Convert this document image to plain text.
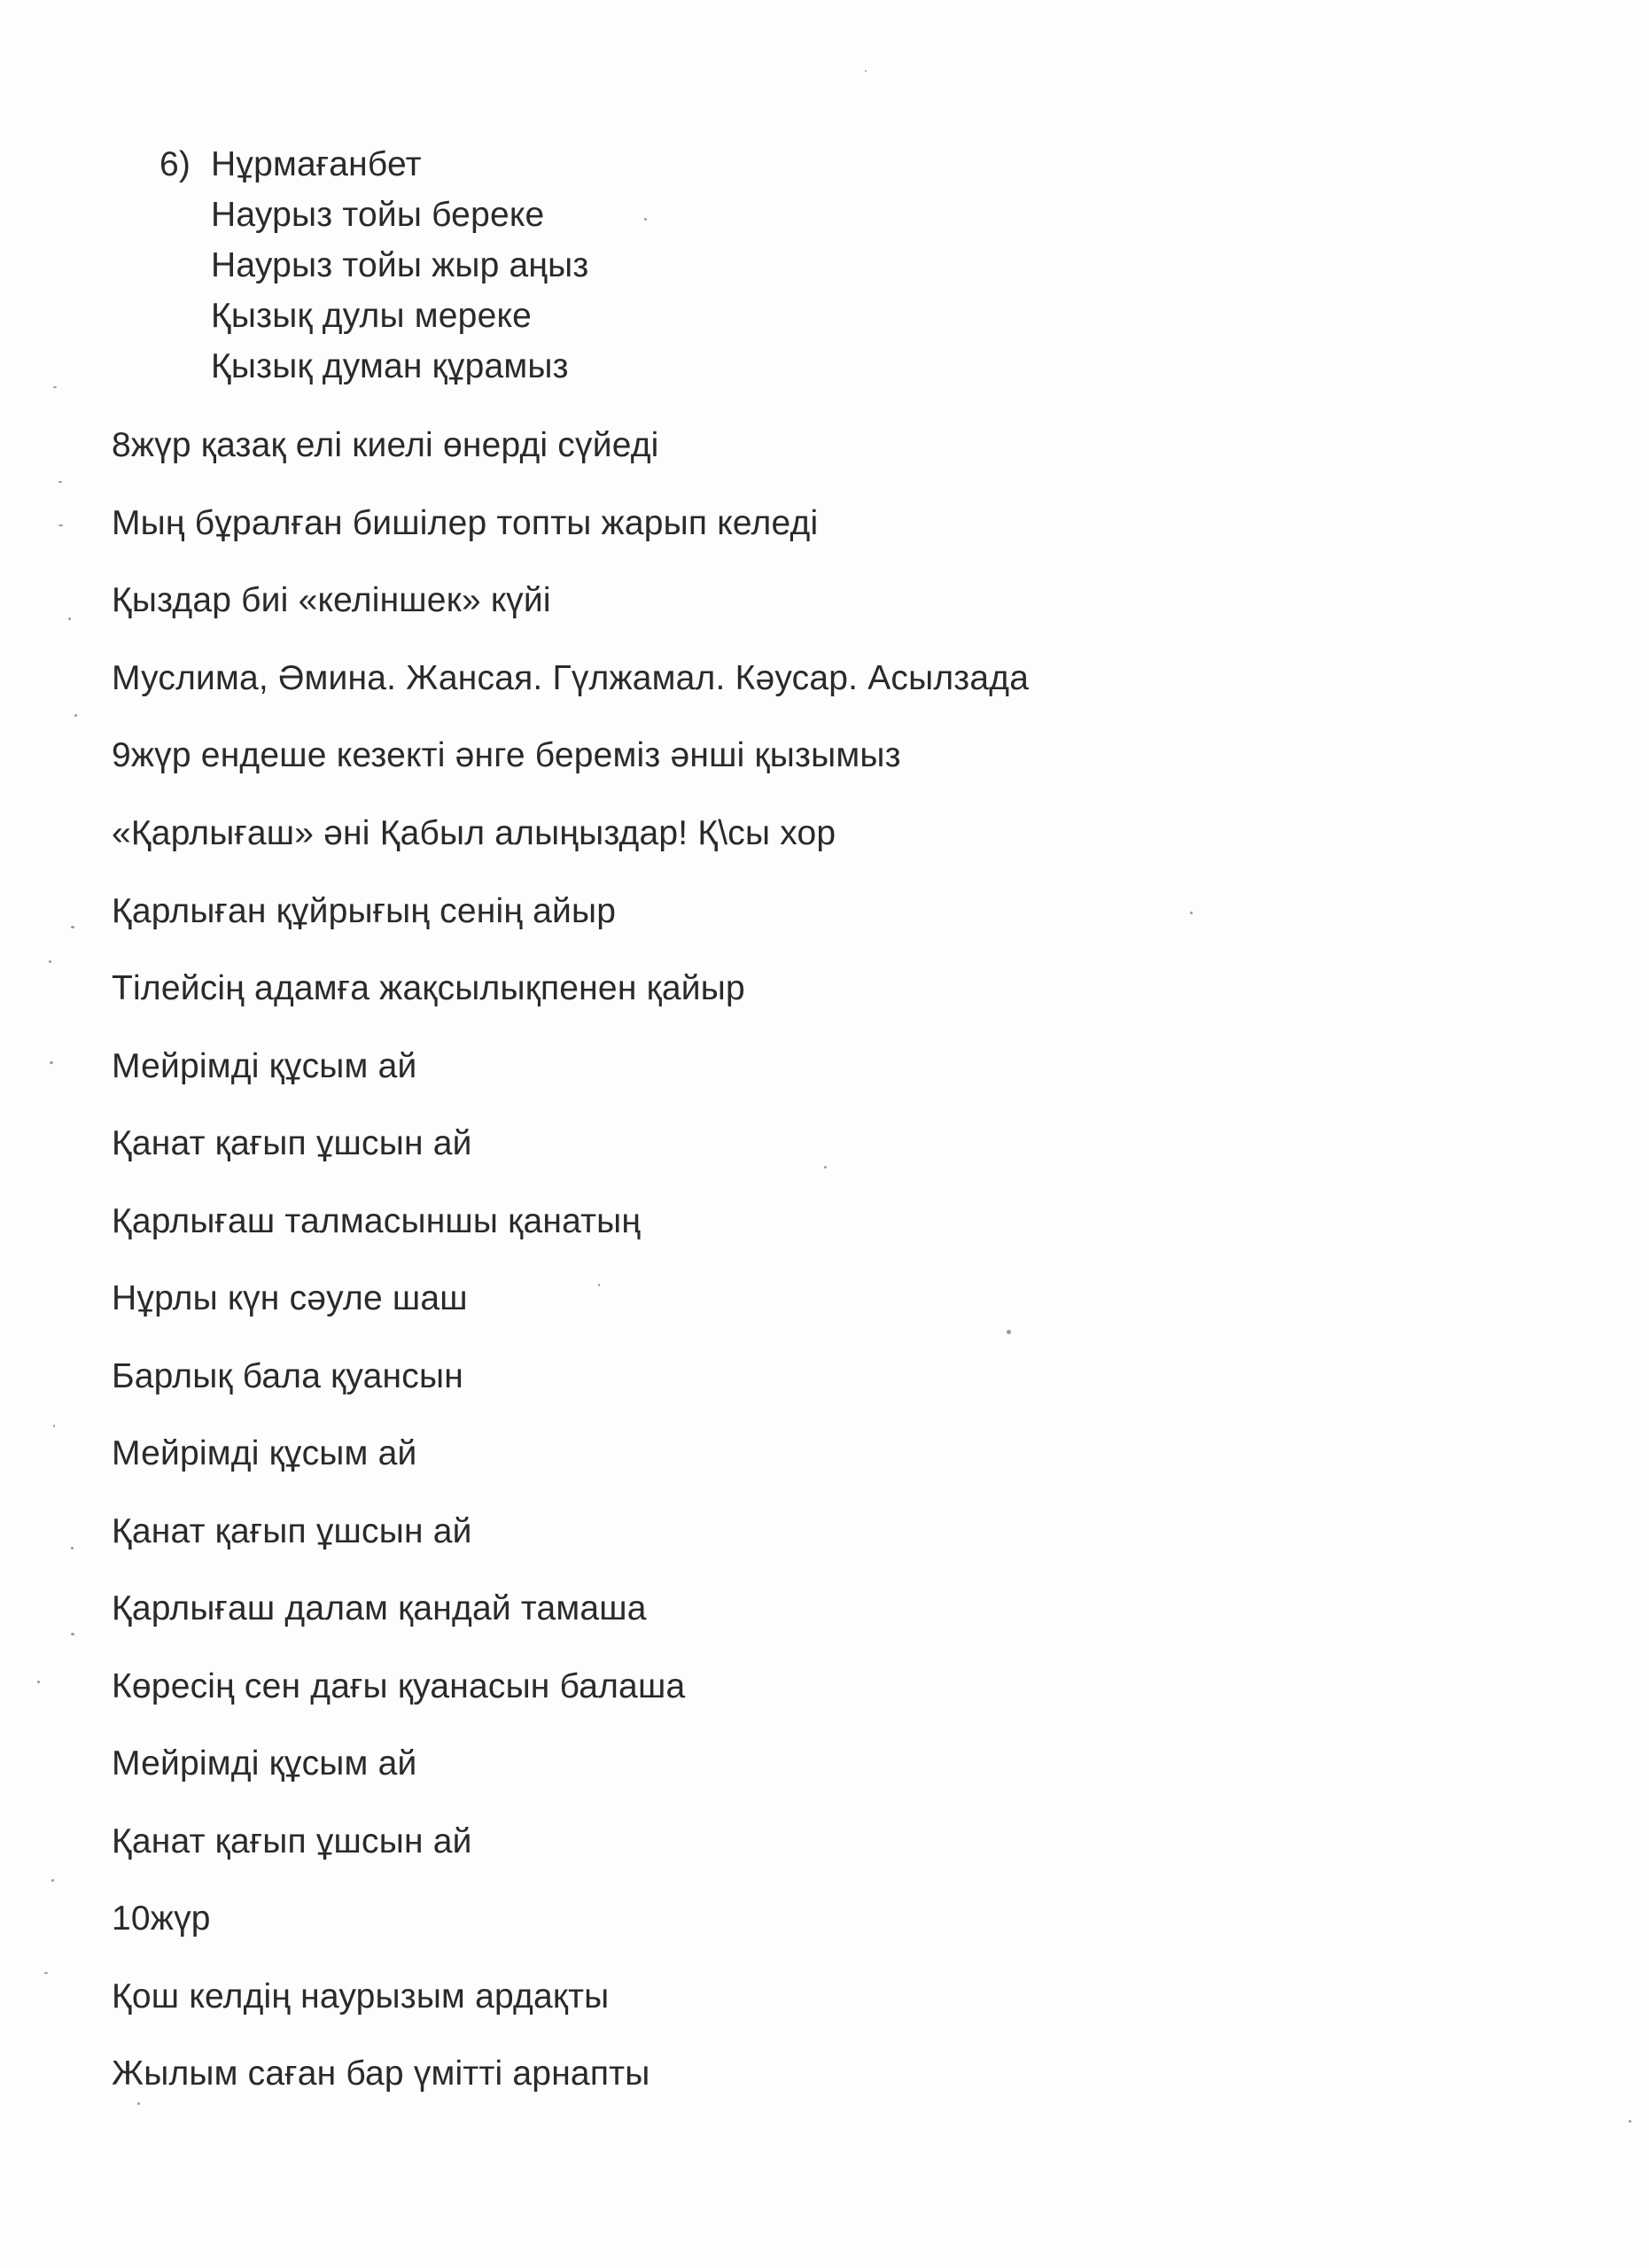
6) Нұрмағанбет
Наурыз тойы береке
Наурыз тойы жыр аңыз
Қызық дулы мереке
Қызық думан құрамыз
8жүр қазақ елі киелі өнерді сүйеді
Мың бұралған бишілер топты жарып келеді
Қыздар биі «келіншек» күйі
Муслима, Әмина. Жансая. Гүлжамал. Кәусар. Асылзада
9жүр ендеше кезекті әнге береміз әнші қызымыз
«Қарлығаш» әні Қабыл алыңыздар! Қ\сы хор
Қарлыған құйрығың сенің айыр
Тілейсің адамға жақсылықпенен қайыр
Мейрімді құсым ай
Қанат қағып ұшсын ай
Қарлығаш талмасыншы қанатың
Нұрлы күн сәуле шаш
Барлық бала қуансын
Мейрімді құсым ай
Қанат қағып ұшсын ай
Қарлығаш далам қандай тамаша
Көресің сен дағы қуанасын балаша
Мейрімді құсым ай
Қанат қағып ұшсын ай
10жүр
Қош келдің наурызым ардақты
Жылым саған бар үмітті арнапты
